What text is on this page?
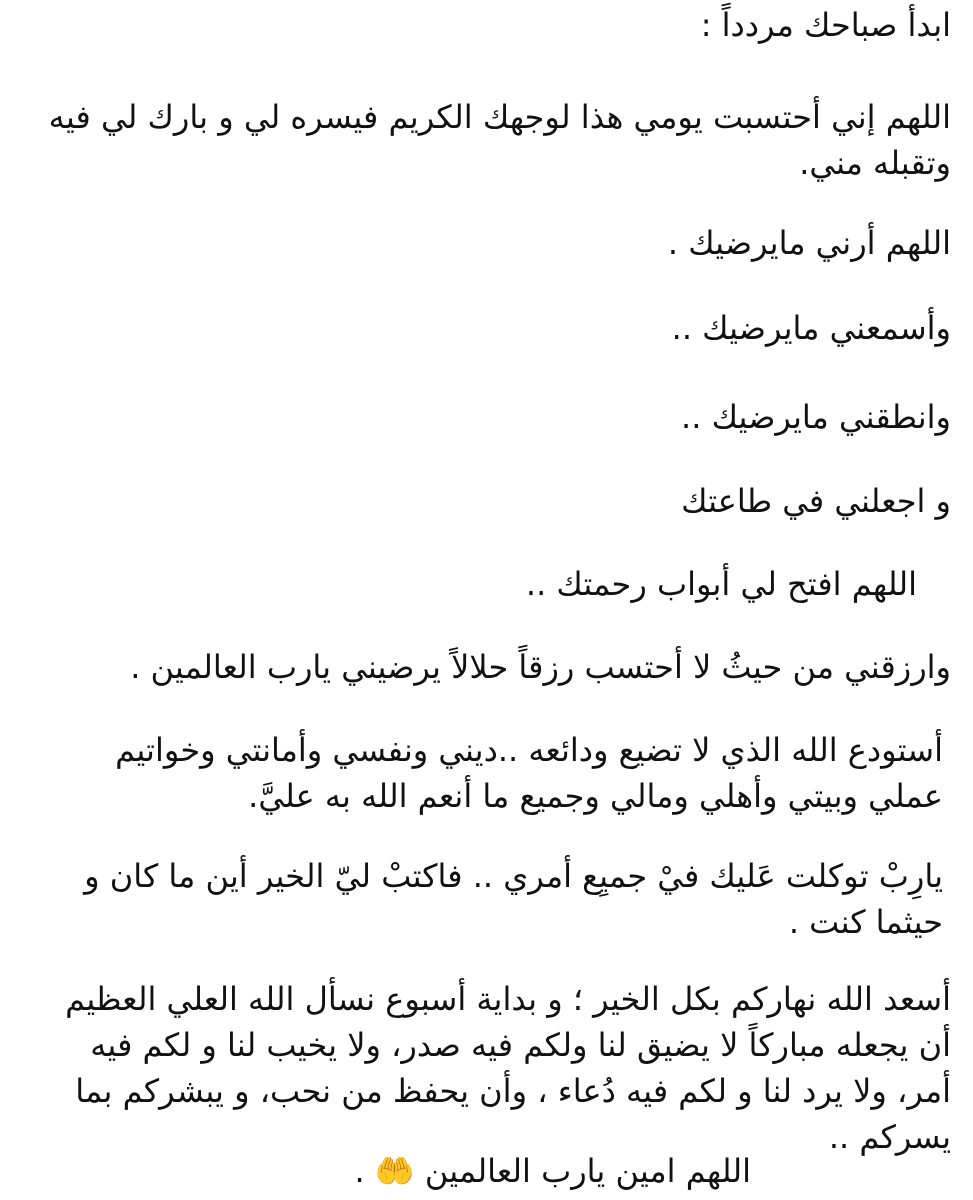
ابدأ صباحك مردداً :

اللهم إني أحتسبت يومي هذا لوجهك الكريم فيسره لي و بارك لي فيه وتقبله مني.

اللهم أرني مايرضيك .

وأسمعني مايرضيك ..

وانطقني مايرضيك ..

و اجعلني في طاعتك

اللهم افتح لي أبواب رحمتك ..

وارزقني من حيثُ لا أحتسب رزقاً حلالاً يرضيني يارب العالمين .

أستودع الله الذي لا تضيع ودائعه ..ديني ونفسي وأمانتي وخواتيم عملي وبيتي وأهلي ومالي وجميع ما أنعم الله به عليَّ.

يارِبْ توكلت عَليك فيْ جميِع أمري .. فاكتبْ ليّ الخير أين ما كان و حيثما كنت .

أسعد الله نهاركم بكل الخير ؛ و بداية أسبوع نسأل الله العلي العظيم أن يجعله مباركاً لا يضيق لنا ولكم فيه صدر، ولا يخيب لنا و لكم فيه أمر، ولا يرد لنا و لكم فيه دُعاء ، وأن يحفظ من نحب، و يبشركم بما يسركم ..

اللهم امين يارب العالمين 🤲 .
